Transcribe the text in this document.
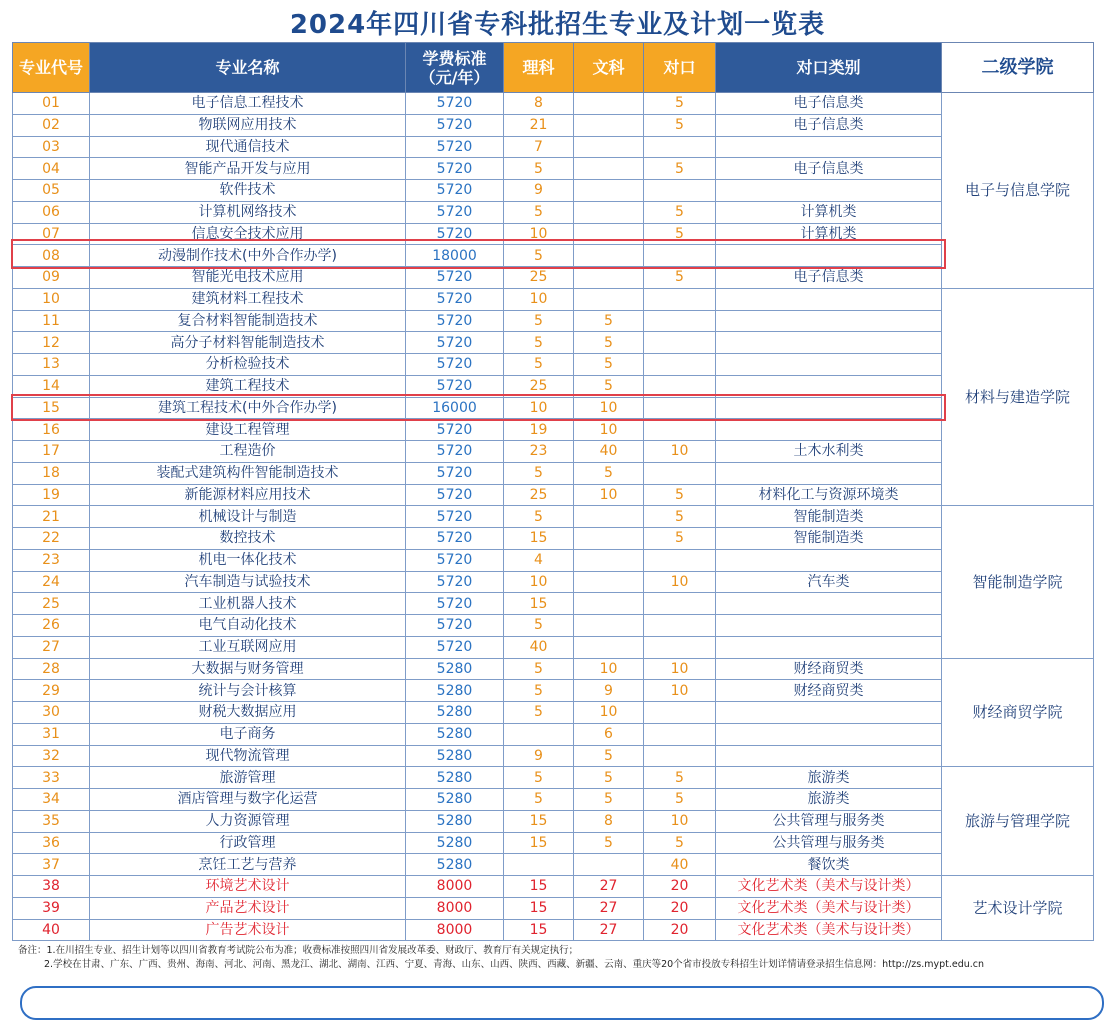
2024年四川省专科批招生专业及计划一览表
专业代号	专业名称	学费标准（元/年）	理科	文科	对口	对口类别	二级学院
01	电子信息工程技术	5720	8		5	电子信息类	电子与信息学院
02	物联网应用技术	5720	21		5	电子信息类	
03	现代通信技术	5720	7				
04	智能产品开发与应用	5720	5		5	电子信息类	
05	软件技术	5720	9				
06	计算机网络技术	5720	5		5	计算机类	
07	信息安全技术应用	5720	10		5	计算机类	
08	动漫制作技术(中外合作办学)	18000	5				
09	智能光电技术应用	5720	25		5	电子信息类	
10	建筑材料工程技术	5720	10				材料与建造学院
11	复合材料智能制造技术	5720	5	5			
12	高分子材料智能制造技术	5720	5	5			
13	分析检验技术	5720	5	5			
14	建筑工程技术	5720	25	5			
15	建筑工程技术(中外合作办学)	16000	10	10			
16	建设工程管理	5720	19	10			
17	工程造价	5720	23	40	10	土木水利类	
18	装配式建筑构件智能制造技术	5720	5	5			
19	新能源材料应用技术	5720	25	10	5	材料化工与资源环境类	
21	机械设计与制造	5720	5		5	智能制造类	智能制造学院
22	数控技术	5720	15		5	智能制造类	
23	机电一体化技术	5720	4				
24	汽车制造与试验技术	5720	10		10	汽车类	
25	工业机器人技术	5720	15				
26	电气自动化技术	5720	5				
27	工业互联网应用	5720	40				
28	大数据与财务管理	5280	5	10	10	财经商贸类	财经商贸学院
29	统计与会计核算	5280	5	9	10	财经商贸类	
30	财税大数据应用	5280	5	10			
31	电子商务	5280		6			
32	现代物流管理	5280	9	5			
33	旅游管理	5280	5	5	5	旅游类	旅游与管理学院
34	酒店管理与数字化运营	5280	5	5	5	旅游类	
35	人力资源管理	5280	15	8	10	公共管理与服务类	
36	行政管理	5280	15	5	5	公共管理与服务类	
37	烹饪工艺与营养	5280			40	餐饮类	
38	环境艺术设计	8000	15	27	20	文化艺术类（美术与设计类）	艺术设计学院
39	产品艺术设计	8000	15	27	20	文化艺术类（美术与设计类）	
40	广告艺术设计	8000	15	27	20	文化艺术类（美术与设计类）	
备注：1.在川招生专业、招生计划等以四川省教育考试院公布为准；收费标准按照四川省发展改革委、财政厅、教育厅有关规定执行；
2.学校在甘肃、广东、广西、贵州、海南、河北、河南、黑龙江、湖北、湖南、江西、宁夏、青海、山东、山西、陕西、西藏、新疆、云南、重庆等20个省市投放专科招生计划详情请登录招生信息网：http://zs.mypt.edu.cn
